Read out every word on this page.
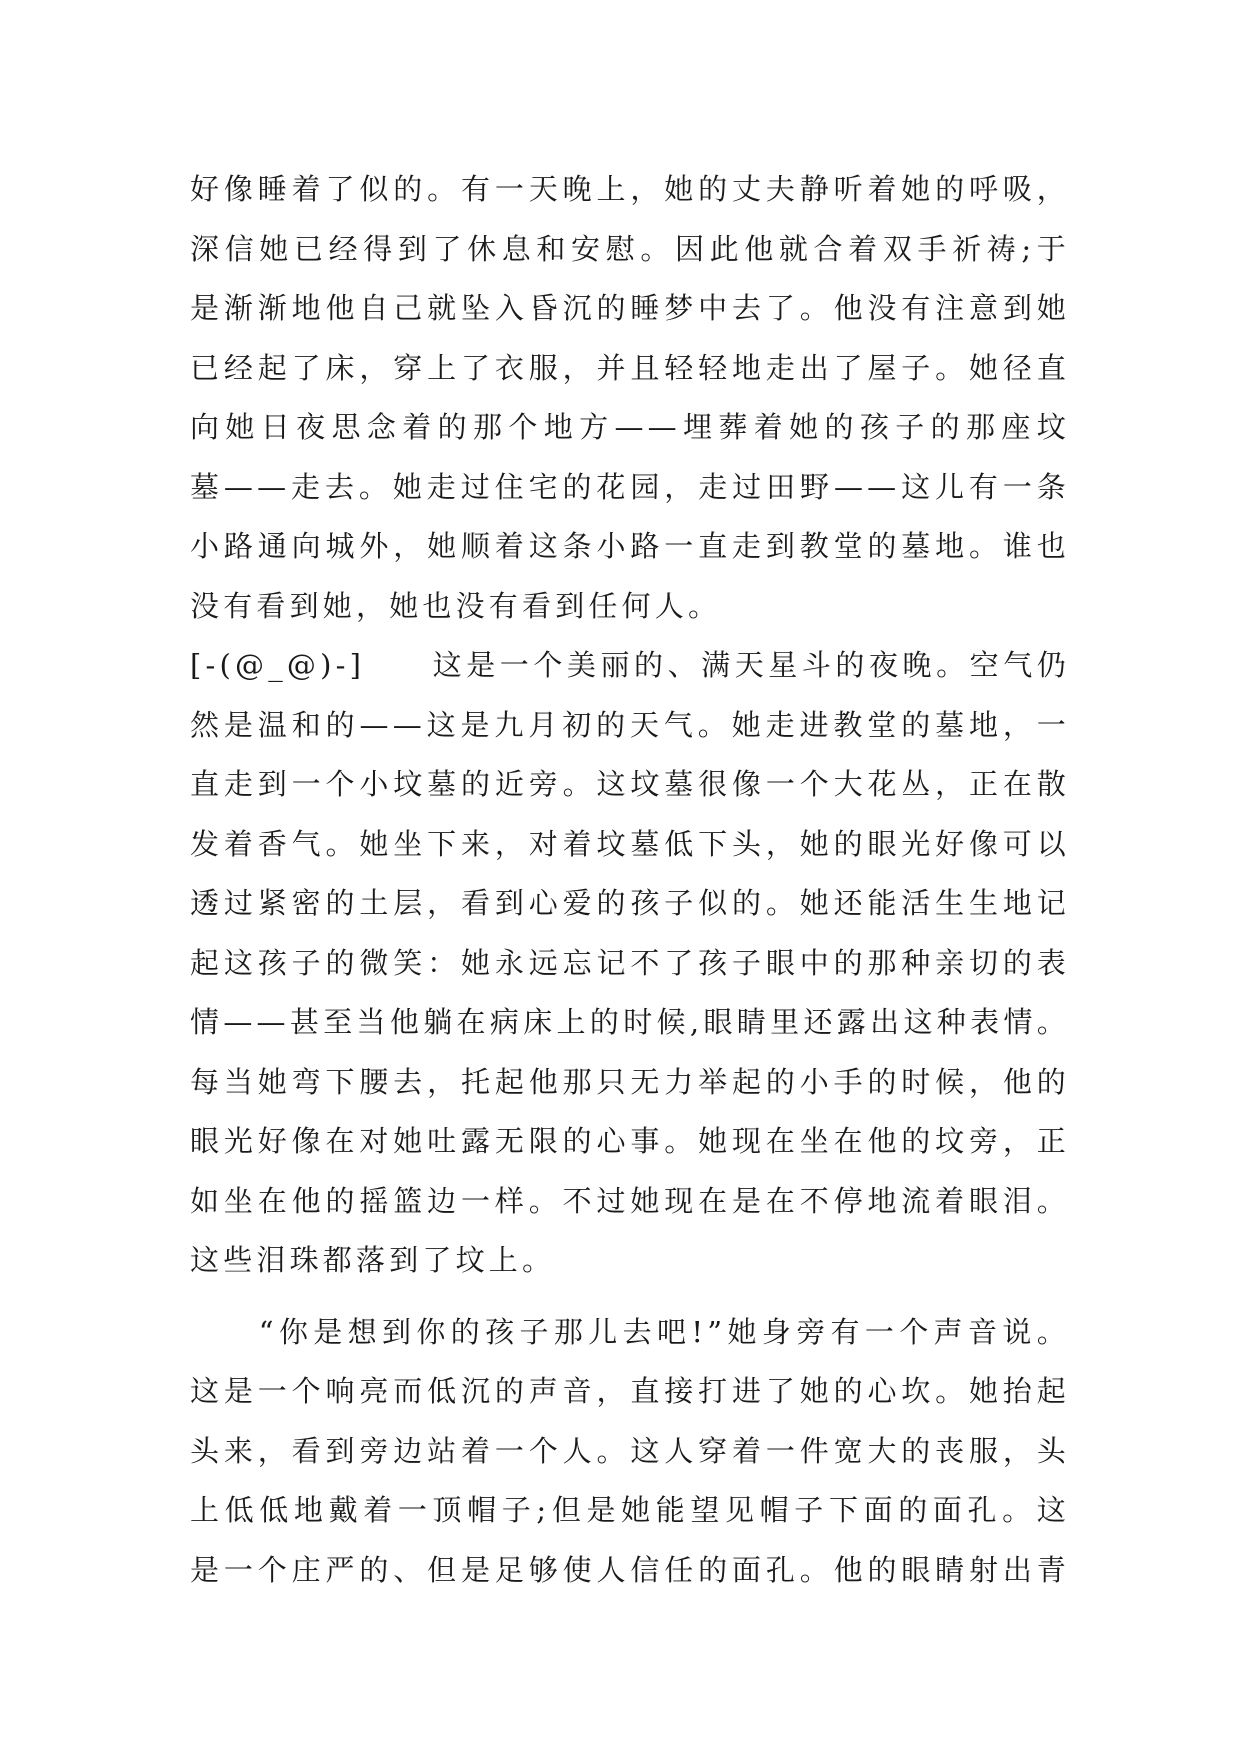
好像睡着了似的。有一天晚上，她的丈夫静听着她的呼吸，
深信她已经得到了休息和安慰。因此他就合着双手祈祷;于
是渐渐地他自己就坠入昏沉的睡梦中去了。他没有注意到她
已经起了床，穿上了衣服，并且轻轻地走出了屋子。她径直
向她日夜思念着的那个地方——埋葬着她的孩子的那座坟
墓——走去。她走过住宅的花园，走过田野——这儿有一条
小路通向城外，她顺着这条小路一直走到教堂的墓地。谁也
没有看到她，她也没有看到任何人。
[-(@_@)-]　　这是一个美丽的、满天星斗的夜晚。空气仍
然是温和的——这是九月初的天气。她走进教堂的墓地，一
直走到一个小坟墓的近旁。这坟墓很像一个大花丛，正在散
发着香气。她坐下来，对着坟墓低下头，她的眼光好像可以
透过紧密的土层，看到心爱的孩子似的。她还能活生生地记
起这孩子的微笑：她永远忘记不了孩子眼中的那种亲切的表
情——甚至当他躺在病床上的时候,眼睛里还露出这种表情。
每当她弯下腰去，托起他那只无力举起的小手的时候，他的
眼光好像在对她吐露无限的心事。她现在坐在他的坟旁，正
如坐在他的摇篮边一样。不过她现在是在不停地流着眼泪。
这些泪珠都落到了坟上。
　　“你是想到你的孩子那儿去吧!”她身旁有一个声音说。
这是一个响亮而低沉的声音，直接打进了她的心坎。她抬起
头来，看到旁边站着一个人。这人穿着一件宽大的丧服，头
上低低地戴着一顶帽子;但是她能望见帽子下面的面孔。这
是一个庄严的、但是足够使人信任的面孔。他的眼睛射出青
